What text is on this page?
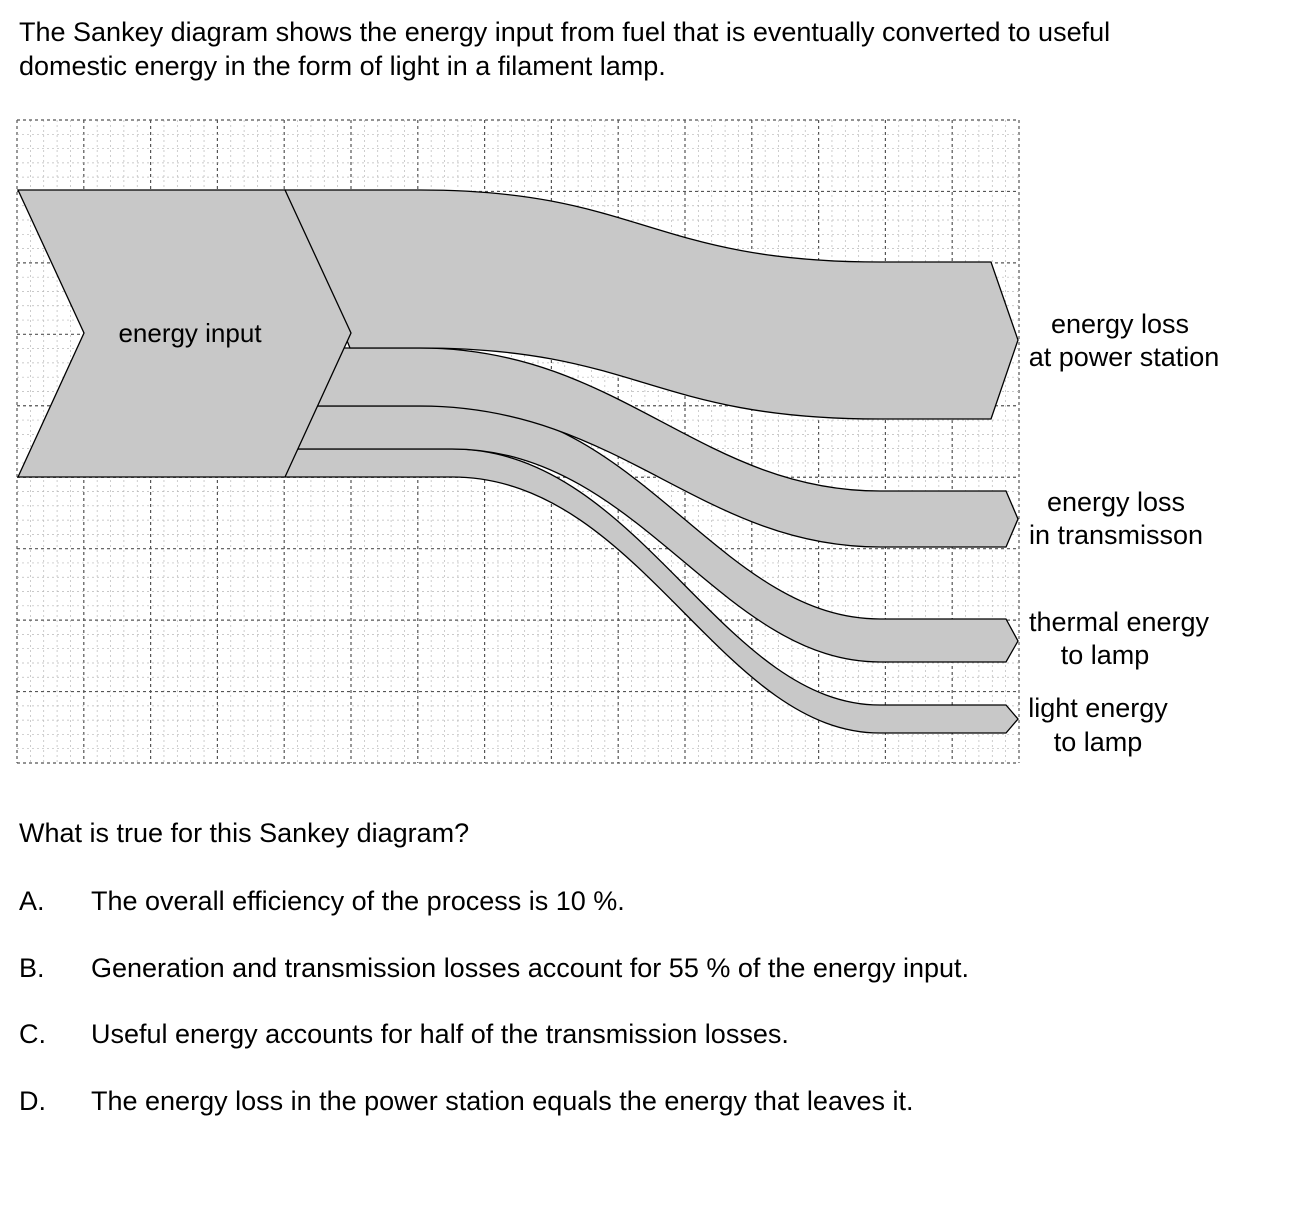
The Sankey diagram shows the energy input from fuel that is eventually converted to useful domestic energy in the form of light in a filament lamp.

energy input	energy loss
at power station
energy loss
in transmisson
thermal energy
to lamp
light energy
to lamp

What is true for this Sankey diagram?

A. The overall efficiency of the process is 10 %.
B. Generation and transmission losses account for 55 % of the energy input.
C. Useful energy accounts for half of the transmission losses.
D. The energy loss in the power station equals the energy that leaves it.
